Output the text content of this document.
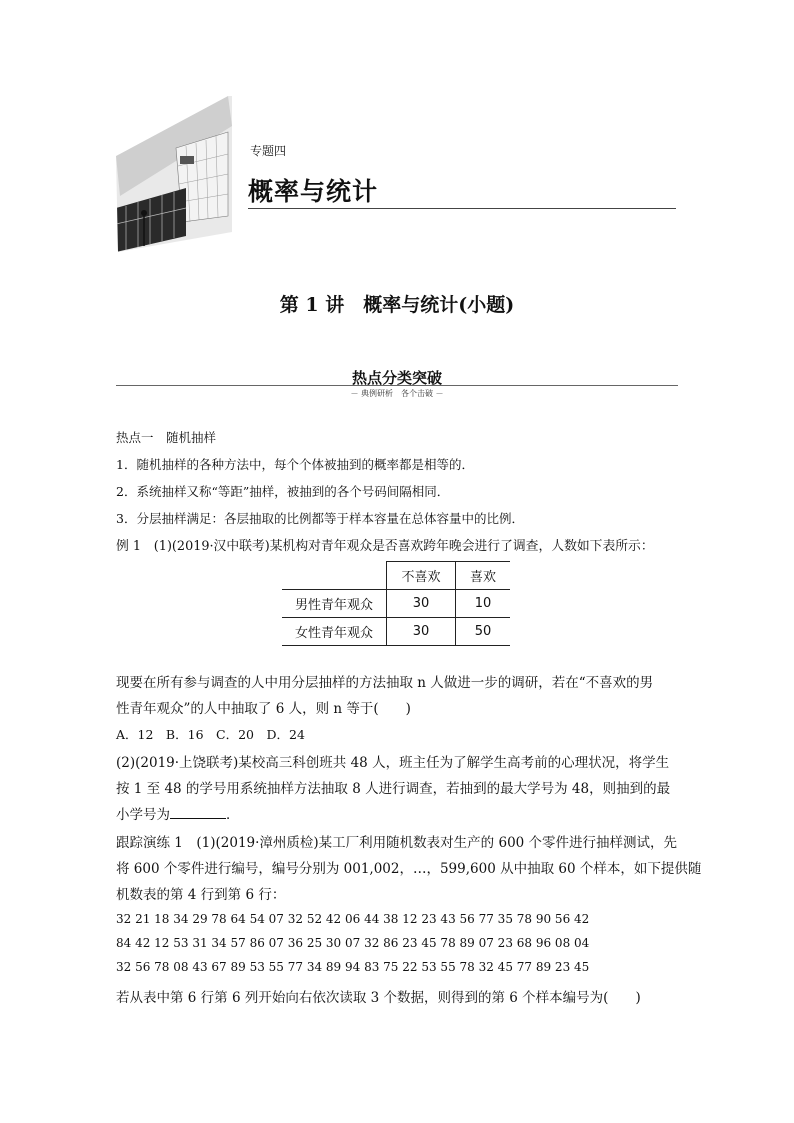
专题四
概率与统计
第 1 讲　概率与统计(小题)
热点分类突破
－ 典例研析　各个击破 －
热点一　随机抽样
1．随机抽样的各种方法中，每个个体被抽到的概率都是相等的．
2．系统抽样又称“等距”抽样，被抽到的各个号码间隔相同．
3．分层抽样满足：各层抽取的比例都等于样本容量在总体容量中的比例．
例 1　(1)(2019·汉中联考)某机构对青年观众是否喜欢跨年晚会进行了调查，人数如下表所示：
	不喜欢	喜欢
男性青年观众	30	10
女性青年观众	30	50
现要在所有参与调查的人中用分层抽样的方法抽取 n 人做进一步的调研，若在“不喜欢的男
性青年观众”的人中抽取了 6 人，则 n 等于(　　)
A．12　B．16　C．20　D．24
(2)(2019·上饶联考)某校高三科创班共 48 人，班主任为了解学生高考前的心理状况，将学生
按 1 至 48 的学号用系统抽样方法抽取 8 人进行调查，若抽到的最大学号为 48，则抽到的最
小学号为	．
跟踪演练 1　(1)(2019·漳州质检)某工厂利用随机数表对生产的 600 个零件进行抽样测试，先
将 600 个零件进行编号，编号分别为 001,002，…，599,600 从中抽取 60 个样本，如下提供随
机数表的第 4 行到第 6 行：
32 21 18 34 29 78 64 54 07 32 52 42 06 44 38 12 23 43 56 77 35 78 90 56 42
84 42 12 53 31 34 57 86 07 36 25 30 07 32 86 23 45 78 89 07 23 68 96 08 04
32 56 78 08 43 67 89 53 55 77 34 89 94 83 75 22 53 55 78 32 45 77 89 23 45
若从表中第 6 行第 6 列开始向右依次读取 3 个数据，则得到的第 6 个样本编号为(　　)
